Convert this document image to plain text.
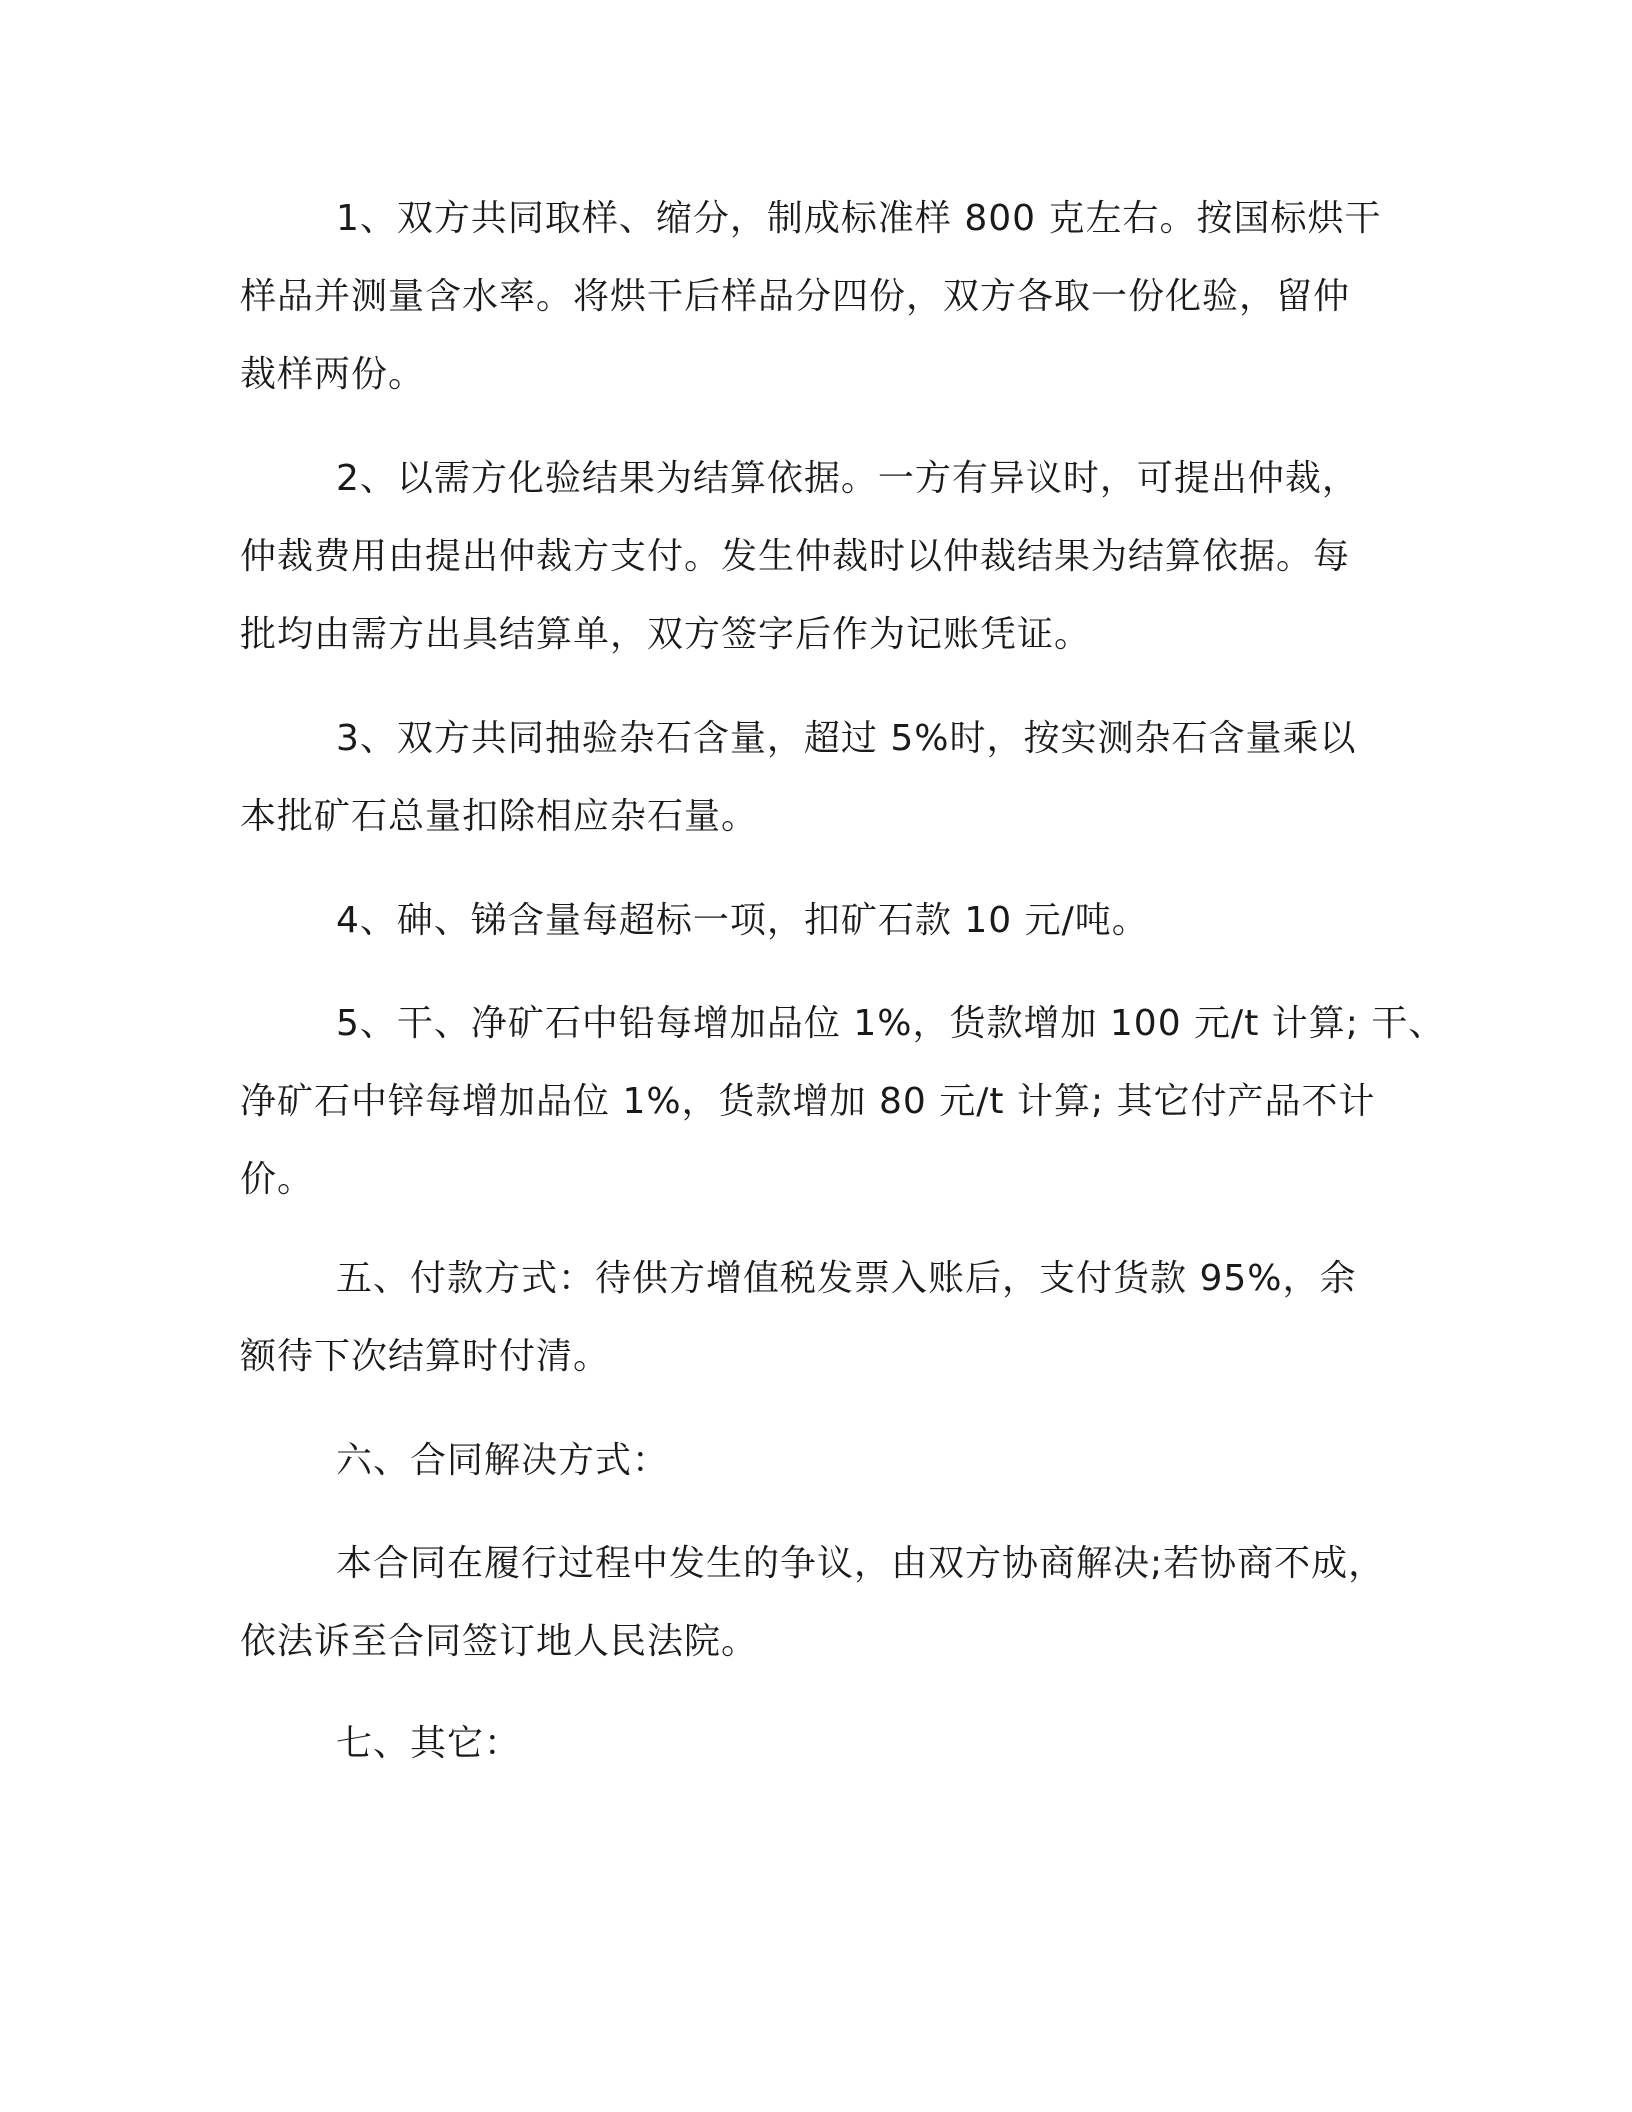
1、双方共同取样、缩分，制成标准样 800 克左右。按国标烘干
样品并测量含水率。将烘干后样品分四份，双方各取一份化验，留仲
裁样两份。

2、以需方化验结果为结算依据。一方有异议时，可提出仲裁，
仲裁费用由提出仲裁方支付。发生仲裁时以仲裁结果为结算依据。每
批均由需方出具结算单，双方签字后作为记账凭证。

3、双方共同抽验杂石含量，超过 5%时，按实测杂石含量乘以
本批矿石总量扣除相应杂石量。

4、砷、锑含量每超标一项，扣矿石款 10 元/吨。

5、干、净矿石中铅每增加品位 1%，货款增加 100 元/t 计算; 干、
净矿石中锌每增加品位 1%，货款增加 80 元/t 计算; 其它付产品不计
价。

五、付款方式：待供方增值税发票入账后，支付货款 95%，余
额待下次结算时付清。

六、合同解决方式：

本合同在履行过程中发生的争议，由双方协商解决;若协商不成，
依法诉至合同签订地人民法院。

七、其它：
